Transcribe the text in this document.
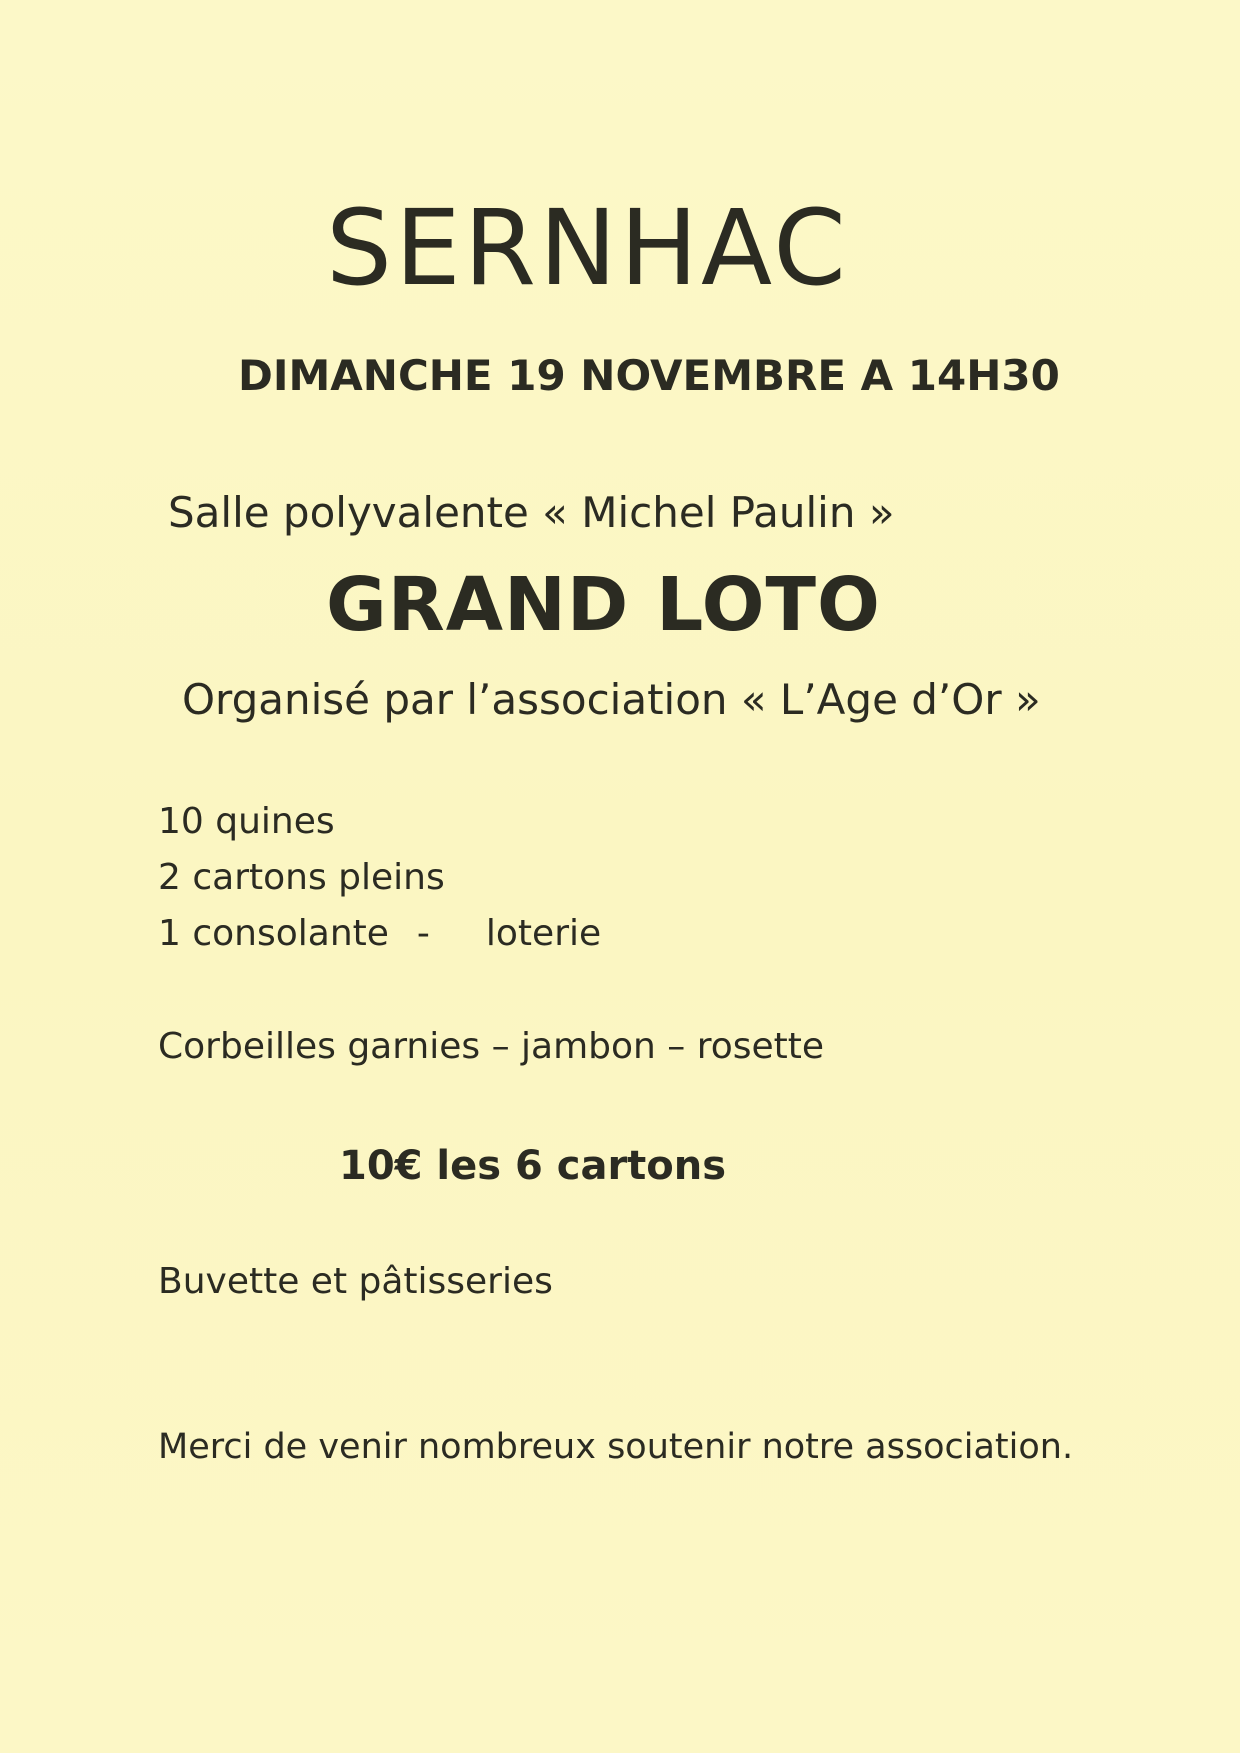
SERNHAC
DIMANCHE 19 NOVEMBRE A 14H30
Salle polyvalente « Michel Paulin »
GRAND LOTO
Organisé par l’association « L’Age d’Or »
10 quines
2 cartons pleins
1 consolante - loterie
Corbeilles garnies – jambon – rosette
10€ les 6 cartons
Buvette et pâtisseries
Merci de venir nombreux soutenir notre association.
